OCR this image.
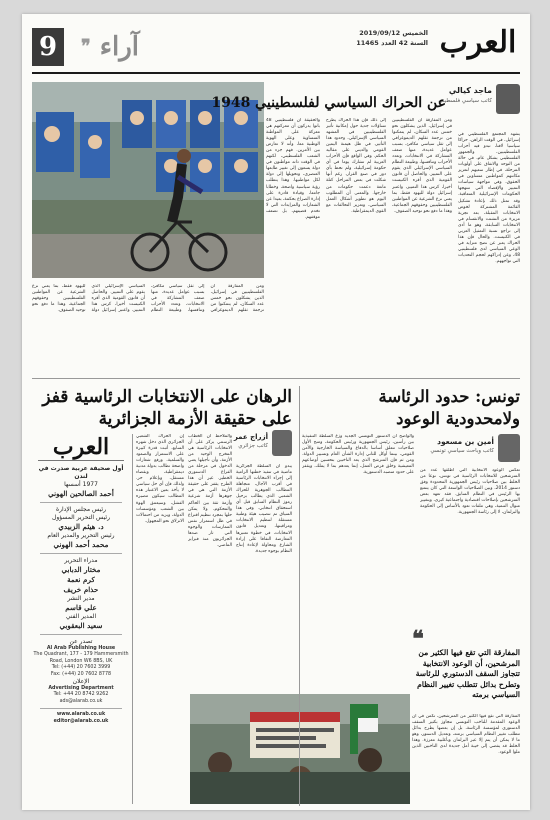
العرب
الخميس 2019/09/12
السنة 42 العدد 11465
9	❞ آراء
ماجد كيالي
كاتب سياسي فلسطيني
عن الحراك السياسي لفلسطينيي 1948
يشهد المجتمع الفلسطيني في إسرائيل، في الوقت الراهن، حراكا سياسيا لافتا، تبدو فيه أحزاب الفلسطينيين، والجمهور الفلسطيني بشكل عام، في حالة من التوحد والاتفاق على أولويات المرحلة، في إطار سعيهم لتعزيز مكانتهم كمواطنين متساوين في الحقوق، وفي مواجهة سياسات التمييز والإقصاء التي تنتهجها الحكومات الإسرائيلية المتعاقبة. وقد تمثل ذلك بإعادة تشكيل القائمة المشتركة لخوض الانتخابات المقبلة، بعد تجربة مريرة من التشتت والانقسام في الانتخابات السابقة، وهو ما أدى إلى تراجع نسبة التمثيل العربي في الكنيست. والحال فإن هذا الحراك يعبر عن نضج متزايد في الوعي السياسي لدى فلسطينيي 48، وعن إدراكهم لحجم التحديات التي تواجههم.
ومن المفارقة أن الفلسطينيين في إسرائيل، الذين يشكلون نحو خمس عدد السكان، لم يتمكنوا من ترجمة ثقلهم الديموغرافي إلى ثقل سياسي مكافئ، بسبب عوامل عديدة، منها ضعف المشاركة في الانتخابات، وتعدد الأحزاب وتنافسها، وطبيعة النظام السياسي الإسرائيلي الذي يقوم على التمييز. والحاصل أن قانون القومية الذي أقره الكنيست أخيرا، كرس هذا التمييز، واعتبر إسرائيل دولة لليهود فقط، بما يعني نزع الشرعية عن المواطنين الفلسطينيين وحقوقهم الجماعية، وهذا ما دفع نحو توحيد الصفوف.
إلى ذلك فإن هذا الحراك يطرح تساؤلات جدية حول إمكانية تأثير الفلسطينيين في المشهد السياسي الإسرائيلي، وحدود هذا التأثير، في ظل هيمنة اليمين القومي والديني على مقاليد الحكم. وفي الواقع فإن الأحزاب العربية لم تشارك يوما في أي حكومة إسرائيلية، ولم تحظ بأي دور في صنع القرار، رغم أنها شكلت في بعض المراحل كتلة مانعة دعمت حكومات من خارجها. والمعنى أن المطلوب اليوم هو تطوير أشكال العمل السياسي، وتعزيز التحالفات مع القوى الديمقراطية.
والحقيقة أن فلسطينيي 48 باتوا يدركون أن معركتهم هي معركة على المواطنة المتساوية وعلى الهوية الوطنية معا، وأنه لا تعارض بين الأمرين. فهم جزء من الشعب الفلسطيني، لكنهم في الوقت ذاته مواطنون في دولة يسعون إلى تغيير طابعها العنصري، وتحويلها إلى دولة لكل مواطنيها. وهذا يتطلب رؤية سياسية واضحة، وخطابا جامعا، وقيادة قادرة على إدارة الصراع بحكمة، بعيدا عن الشعارات والمزايدات التي لا تخدم قضيتهم، بل تضعف موقفهم.
ومن المفارقة أن الفلسطينيين في إسرائيل، الذين يشكلون نحو خمس عدد السكان، لم يتمكنوا من ترجمة ثقلهم الديموغرافي إلى ثقل سياسي مكافئ، بسبب عوامل عديدة، منها ضعف المشاركة في الانتخابات، وتعدد الأحزاب وتنافسها، وطبيعة النظام السياسي الإسرائيلي الذي يقوم على التمييز. والحاصل أن قانون القومية الذي أقره الكنيست أخيرا، كرس هذا التمييز، واعتبر إسرائيل دولة لليهود فقط، بما يعني نزع الشرعية عن المواطنين الفلسطينيين وحقوقهم الجماعية، وهذا ما دفع نحو توحيد الصفوف.
الرهان على الانتخابات الرئاسية قفز على حقيقة الأزمة الجزائرية
أزراج عمر
كاتب جزائري
يبدو أن السلطة الجزائرية ماضية في تنفيذ خطتها الرامية إلى إجراء الانتخابات الرئاسية في أقرب الآجال، متجاهلة المطالب الجوهرية للحراك الشعبي الذي يطالب برحيل رموز النظام السابق قبل أي استحقاق انتخابي. وفي هذا السياق تم تنصيب هيئة وطنية مستقلة لتنظيم الانتخابات ومراقبتها، وتعديل قانون الانتخابات، في خطوة تعتبرها المعارضة التفافا على إرادة الشارع ومحاولة لإعادة إنتاج النظام بوجوه جديدة.
والملاحظ أن الخطاب الرسمي يركز على أن الانتخابات الرئاسية هي المخرج الوحيد من الأزمة، وأن تأجيلها يعني الدخول في مرحلة من الفراغ الدستوري الخطير. غير أن هذا الطرح يقفز على حقيقة الأزمة التي هي في جوهرها أزمة شرعية وأزمة ثقة بين الحاكم والمحكوم، ولا يمكن حلها بمجرد تنظيم اقتراع في ظل استمرار نفس الممارسات والوجوه التي ثار ضدها الجزائريون منذ فبراير الماضي.
إن الحراك الشعبي الجزائري الذي دخل شهره السابع، أثبت قدرة كبيرة على الاستمرار والصمود والسلمية، ورفع شعارات واضحة تطالب بدولة مدنية ديمقراطية، وبقضاء مستقل، وبإعلام حر. ولذلك فإن أي حل سياسي لا يأخذ بعين الاعتبار هذه المطالب سيكون مصيره الفشل، وسيعمق الهوة بين الشعب ومؤسسات الدولة، ويزيد من احتمالات الانزلاق نحو المجهول.
تونس: حدود الرئاسة ولامحدودية الوعود
أمين بن مسعود
كاتب وباحث سياسي تونسي
تعكس الوعود الانتخابية التي أطلقها عدد من المترشحين للانتخابات الرئاسية في تونس، نوعا من الخلط بين صلاحيات رئيس الجمهورية المحدودة وفق دستور 2014، وبين الصلاحيات الواسعة التي كان يتمتع بها الرئيس في النظام السابق. فقد تعهد بعض المترشحين بإصلاحات اقتصادية واجتماعية كبرى، وبتغيير منوال التنمية، وهي ملفات تعود بالأساس إلى الحكومة والبرلمان، لا إلى رئاسة الجمهورية.
والواضح أن الدستور التونسي الجديد وزع السلطة التنفيذية بين رأسين، رئيس الجمهورية ورئيس الحكومة، ومنح الأول صلاحيات تتعلق أساسا بالدفاع والسياسة الخارجية والأمن القومي، بينما أوكل للثاني إدارة الشأن العام وتسيير الدولة. ومن ثم فإن المترشح الذي يعد الناخبين بتحسين أوضاعهم المعيشية وخلق فرص العمل، إنما يعدهم بما لا يملك، ويقفز على حدود منصبه الدستورية.
❝
المفارقة التي تقع فيها الكثير من المرشحين، أن الوعود الانتخابية تتجاوز السقف الدستوري للرئاسة وتطرح بدائل تتطلب تغيير النظام السياسي برمته
المفارقة التي تقع فيها الكثير من المترشحين، تكمن في أن الوعود المقدمة للناخب التونسي تتجاوز بكثير السقف الدستوري لمؤسسة الرئاسة، بل إن بعضها يطرح بدائل تتطلب تغيير النظام السياسي برمته، وتعديل الدستور، وهو ما لا يمكن أن يتم إلا عبر البرلمان وبأغلبية معززة. وهذا الخلط قد يفضي إلى خيبة أمل جديدة لدى الناخبين الذين ملوا الوعود.
العرب
أول صحيفة عربية صدرت في لندن
1977 أسسها
أحمد الصالحين الهوني
رئيس مجلس الإدارة
رئيس التحرير المسؤول
د. هيثم الزبيدي
رئيس التحرير والمدير العام
محمد أحمد الهوني
مدراء التحرير
مختار الدبابي
كرم نعمة
حذام خريف
مدير النشر
علي قاسم
المدير الفني
سعيد البعقوبي
تصدر عن
Al Arab Publishing House
The Quadrant, 177 - 179 Hammersmith Road, London W6 8BS, UK
Tel: (+44) 20 7602 3999
Fax: (+44) 20 7602 8778
الإعلان
Advertising Department
Tel: +44 20 8742 9262
ads@alarab.co.uk
www.alarab.co.uk
editor@alarab.co.uk
